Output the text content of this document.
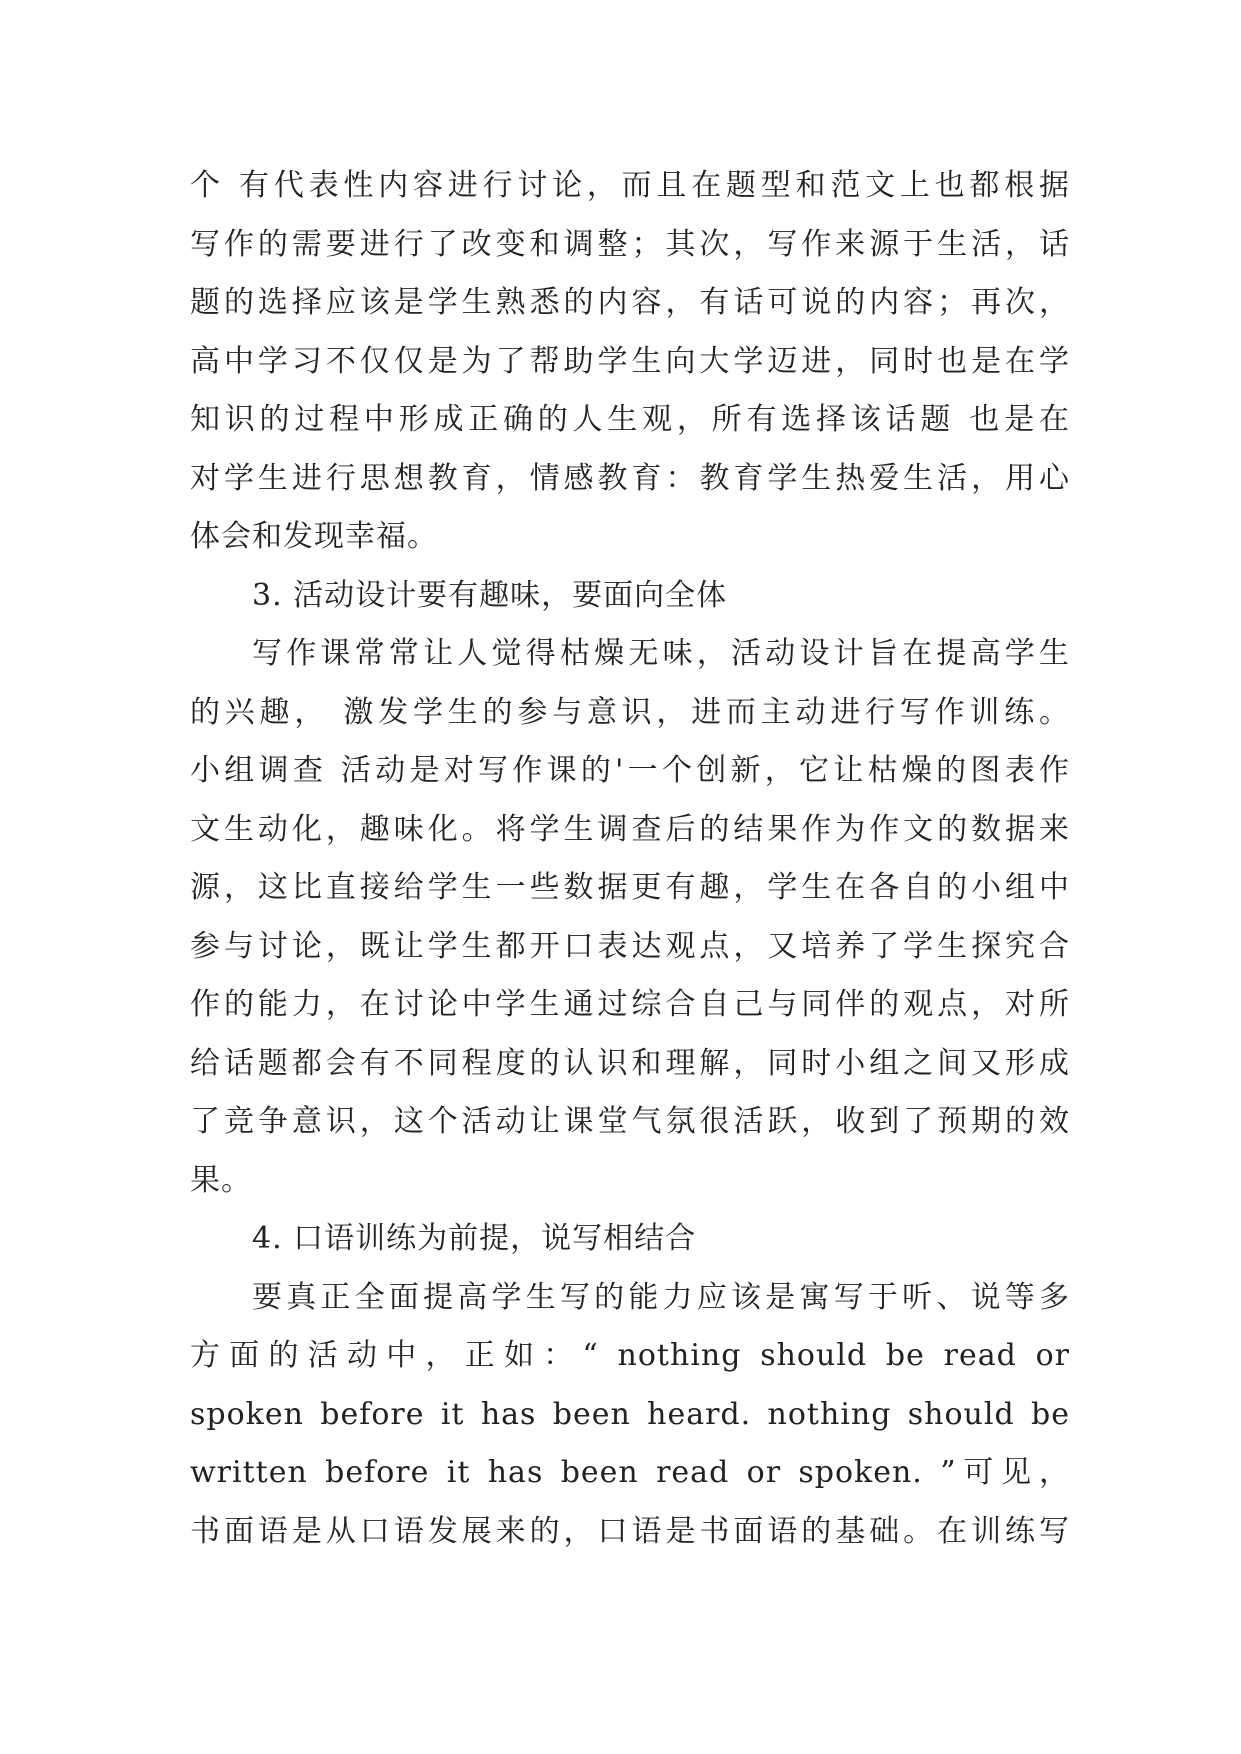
个 有代表性内容进行讨论，而且在题型和范文上也都根据
写作的需要进行了改变和调整；其次，写作来源于生活，话
题的选择应该是学生熟悉的内容，有话可说的内容；再次，
高中学习不仅仅是为了帮助学生向大学迈进，同时也是在学
知识的过程中形成正确的人生观，所有选择该话题 也是在
对学生进行思想教育，情感教育：教育学生热爱生活，用心
体会和发现幸福。
3. 活动设计要有趣味，要面向全体
写作课常常让人觉得枯燥无味，活动设计旨在提高学生
的兴趣， 激发学生的参与意识，进而主动进行写作训练。
小组调查 活动是对写作课的'一个创新，它让枯燥的图表作
文生动化，趣味化。将学生调查后的结果作为作文的数据来
源，这比直接给学生一些数据更有趣，学生在各自的小组中
参与讨论，既让学生都开口表达观点，又培养了学生探究合
作的能力，在讨论中学生通过综合自己与同伴的观点，对所
给话题都会有不同程度的认识和理解，同时小组之间又形成
了竞争意识，这个活动让课堂气氛很活跃，收到了预期的效
果。
4. 口语训练为前提，说写相结合
要真正全面提高学生写的能力应该是寓写于听、说等多
方面的活动中，正如：“ nothing should be read or
spoken before it has been heard. nothing should be
written before it has been read or spoken. ”可见，
书面语是从口语发展来的，口语是书面语的基础。在训练写
